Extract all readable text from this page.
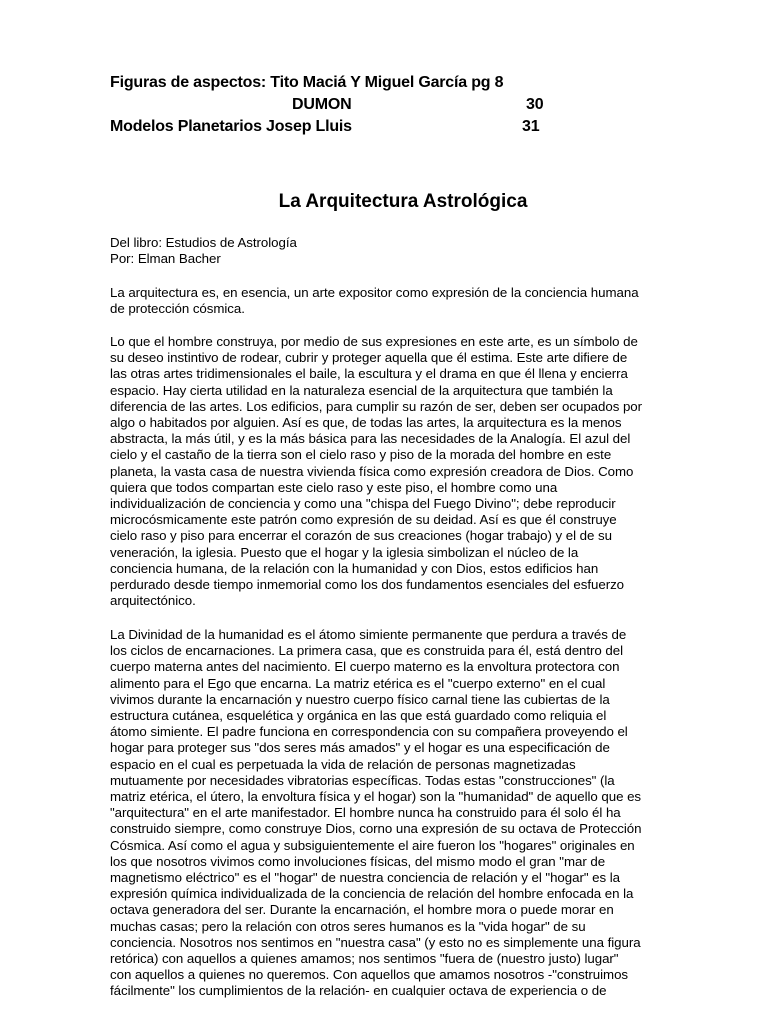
Figuras de aspectos: Tito Maciá Y Miguel García pg 8
DUMON	30
Modelos Planetarios Josep Lluis	31
La Arquitectura Astrológica

Del libro: Estudios de Astrología

Por: Elman Bacher

La arquitectura es, en esencia, un arte expositor como expresión de la conciencia humana
de protección cósmica.

Lo que el hombre construya, por medio de sus expresiones en este arte, es un símbolo de
su deseo instintivo de rodear, cubrir y proteger aquella que él estima. Este arte difiere de
las otras artes tridimensionales el baile, la escultura y el drama en que él llena y encierra
espacio. Hay cierta utilidad en la naturaleza esencial de la arquitectura que también la
diferencia de las artes. Los edificios, para cumplir su razón de ser, deben ser ocupados por
algo o habitados por alguien. Así es que, de todas las artes, la arquitectura es la menos
abstracta, la más útil, y es la más básica para las necesidades de la Analogía. El azul del
cielo y el castaño de la tierra son el cielo raso y piso de la morada del hombre en este
planeta, la vasta casa de nuestra vivienda física como expresión creadora de Dios. Como
quiera que todos compartan este cielo raso y este piso, el hombre como una
individualización de conciencia y como una "chispa del Fuego Divino"; debe reproducir
microcósmicamente este patrón como expresión de su deidad. Así es que él construye
cielo raso y piso para encerrar el corazón de sus creaciones (hogar trabajo) y el de su
veneración, la iglesia. Puesto que el hogar y la iglesia simbolizan el núcleo de la
conciencia humana, de la relación con la humanidad y con Dios, estos edificios han
perdurado desde tiempo inmemorial como los dos fundamentos esenciales del esfuerzo
arquitectónico.

La Divinidad de la humanidad es el átomo simiente permanente que perdura a través de
los ciclos de encarnaciones. La primera casa, que es construida para él, está dentro del
cuerpo materna antes del nacimiento. El cuerpo materno es la envoltura protectora con
alimento para el Ego que encarna. La matriz etérica es el "cuerpo externo" en el cual
vivimos durante la encarnación y nuestro cuerpo físico carnal tiene las cubiertas de la
estructura cutánea, esquelética y orgánica en las que está guardado como reliquia el
átomo simiente. El padre funciona en correspondencia con su compañera proveyendo el
hogar para proteger sus "dos seres más amados" y el hogar es una especificación de
espacio en el cual es perpetuada la vida de relación de personas magnetizadas
mutuamente por necesidades vibratorias específicas. Todas estas "construcciones" (la
matriz etérica, el útero, la envoltura física y el hogar) son la "humanidad" de aquello que es
"arquitectura" en el arte manifestador. El hombre nunca ha construido para él solo él ha
construido siempre, como construye Dios, corno una expresión de su octava de Protección
Cósmica. Así como el agua y subsiguientemente el aire fueron los "hogares" originales en
los que nosotros vivimos como involuciones físicas, del mismo modo el gran "mar de
magnetismo eléctrico" es el "hogar" de nuestra conciencia de relación y el "hogar" es la
expresión química individualizada de la conciencia de relación del hombre enfocada en la
octava generadora del ser. Durante la encarnación, el hombre mora o puede morar en
muchas casas; pero la relación con otros seres humanos es la "vida hogar" de su
conciencia. Nosotros nos sentimos en "nuestra casa" (y esto no es simplemente una figura
retórica) con aquellos a quienes amamos; nos sentimos "fuera de (nuestro justo) lugar"
con aquellos a quienes no queremos. Con aquellos que amamos nosotros -"construimos
fácilmente" los cumplimientos de la relación- en cualquier octava de experiencia o de
